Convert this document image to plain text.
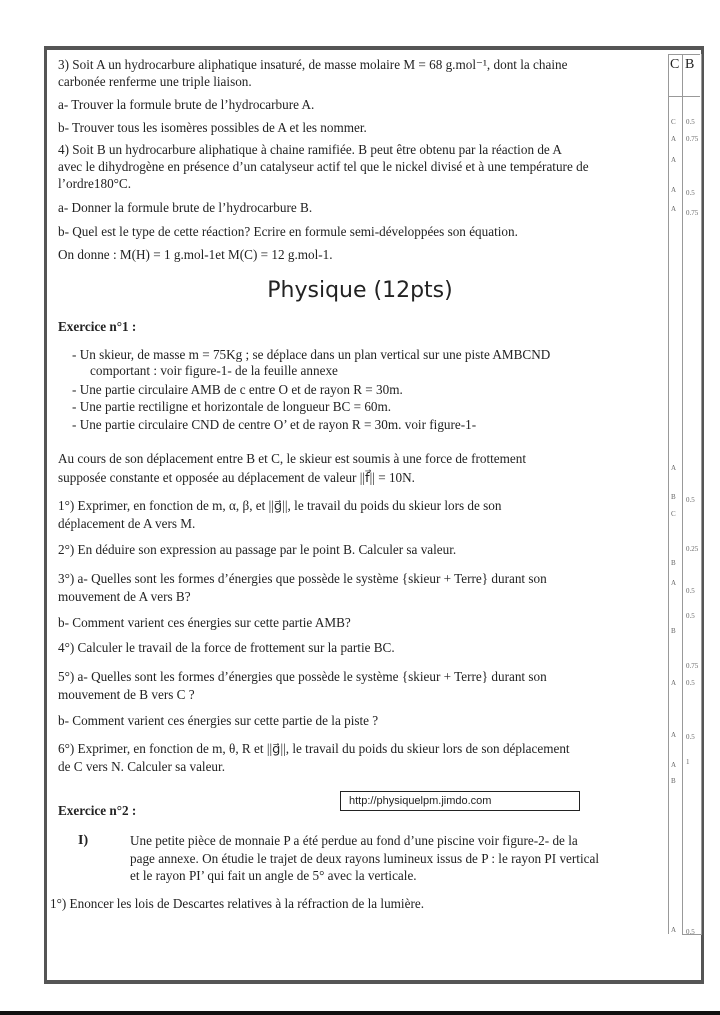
3) Soit A un hydrocarbure aliphatique insaturé, de masse molaire M = 68 g.mol⁻¹, dont la chaine
carbonée renferme une triple liaison.
a- Trouver la formule brute de l’hydrocarbure A.
b- Trouver tous les isomères possibles de A et les nommer.
4) Soit B un hydrocarbure aliphatique à chaine ramifiée. B peut être obtenu par la réaction de A
avec le dihydrogène en présence d’un catalyseur actif tel que le nickel divisé et à une température de
l’ordre180°C.
a- Donner la formule brute de l’hydrocarbure B.
b- Quel est le type de cette réaction? Ecrire en formule semi-développées son équation.
On donne : M(H) = 1 g.mol-1et M(C) = 12 g.mol-1.
Physique (12pts)
Exercice n°1 :
- Un skieur, de masse m = 75Kg ; se déplace dans un plan vertical sur une piste AMBCND
comportant : voir figure-1- de la feuille annexe
- Une partie circulaire AMB de c entre O et de rayon R = 30m.
- Une partie rectiligne et horizontale de longueur BC = 60m.
- Une partie circulaire CND de centre O’ et de rayon R = 30m. voir figure-1-
Au cours de son déplacement entre B et C, le skieur est soumis à une force de frottement
supposée constante et opposée au déplacement de valeur ||f⃗|| = 10N.
1°) Exprimer, en fonction de m, α, β, et ||g⃗||, le travail du poids du skieur lors de son
déplacement de A vers M.
2°) En déduire son expression au passage par le point B. Calculer sa valeur.
3°) a- Quelles sont les formes d’énergies que possède le système {skieur + Terre} durant son
mouvement de A vers B?
b- Comment varient ces énergies sur cette partie AMB?
4°) Calculer le travail de la force de frottement sur la partie BC.
5°) a- Quelles sont les formes d’énergies que possède le système {skieur + Terre} durant son
mouvement de B vers C ?
b- Comment varient ces énergies sur cette partie de la piste ?
6°) Exprimer, en fonction de m, θ, R et ||g⃗||, le travail du poids du skieur lors de son déplacement
de C vers N. Calculer sa valeur.
http://physiquelpm.jimdo.com
Exercice n°2 :
I)	Une petite pièce de monnaie P a été perdue au fond d’une piscine voir figure-2- de la
page annexe. On étudie le trajet de deux rayons lumineux issus de P : le rayon PI vertical
et le rayon PI’ qui fait un angle de 5° avec la verticale.
1°) Enoncer les lois de Descartes relatives à la réfraction de la lumière.
C B
C
A
A
A
A
A
B
C
B
A
B
A
A
A
B
A
0.5
0.75
0.5
0.75
0.5
0.25
0.5
0.5
0.75
0.5
0.5
1
0.5
